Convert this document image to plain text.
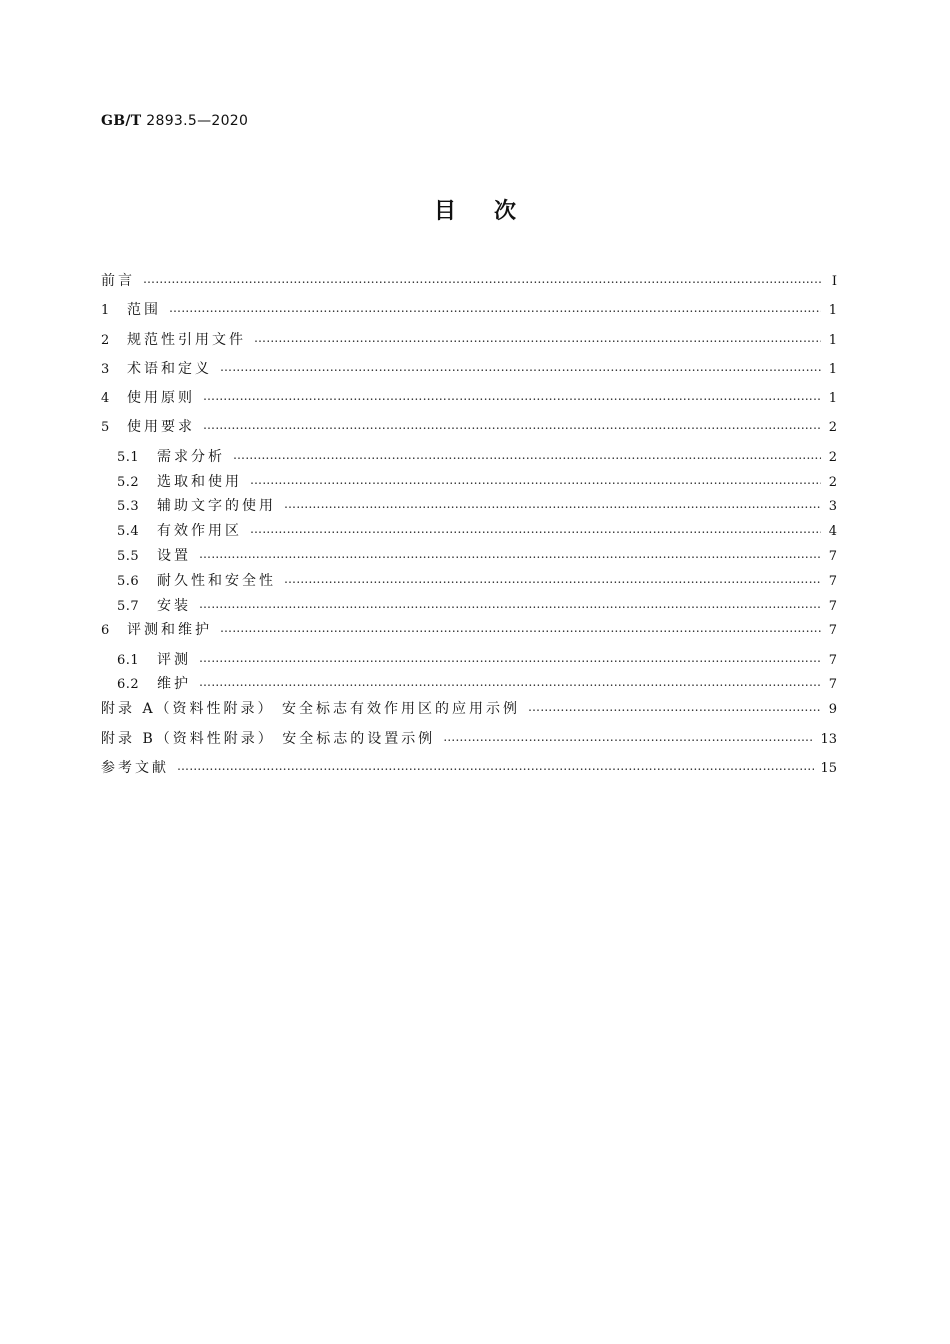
GB/T 2893.5—2020
目次
前言 …………………………………………………………………………………………………………………………………………………………………………………………………………	Ⅰ
1 范围 …………………………………………………………………………………………………………………………………………………………………………………………………………	1
2 规范性引用文件 …………………………………………………………………………………………………………………………………………………………………………………………………………	1
3 术语和定义 …………………………………………………………………………………………………………………………………………………………………………………………………………	1
4 使用原则 …………………………………………………………………………………………………………………………………………………………………………………………………………	1
5 使用要求 …………………………………………………………………………………………………………………………………………………………………………………………………………	2
5.1 需求分析 …………………………………………………………………………………………………………………………………………………………………………………………………………	2
5.2 选取和使用 …………………………………………………………………………………………………………………………………………………………………………………………………………	2
5.3 辅助文字的使用 …………………………………………………………………………………………………………………………………………………………………………………………………………	3
5.4 有效作用区 …………………………………………………………………………………………………………………………………………………………………………………………………………	4
5.5 设置 …………………………………………………………………………………………………………………………………………………………………………………………………………	7
5.6 耐久性和安全性 …………………………………………………………………………………………………………………………………………………………………………………………………………	7
5.7 安装 …………………………………………………………………………………………………………………………………………………………………………………………………………	7
6 评测和维护 …………………………………………………………………………………………………………………………………………………………………………………………………………	7
6.1 评测 …………………………………………………………………………………………………………………………………………………………………………………………………………	7
6.2 维护 …………………………………………………………………………………………………………………………………………………………………………………………………………	7
附录 A（资料性附录） 安全标志有效作用区的应用示例 …………………………………………………………………………………………………………………………………………………………………………………………………………	9
附录 B（资料性附录） 安全标志的设置示例 …………………………………………………………………………………………………………………………………………………………………………………………………………	13
参考文献 …………………………………………………………………………………………………………………………………………………………………………………………………………	15
